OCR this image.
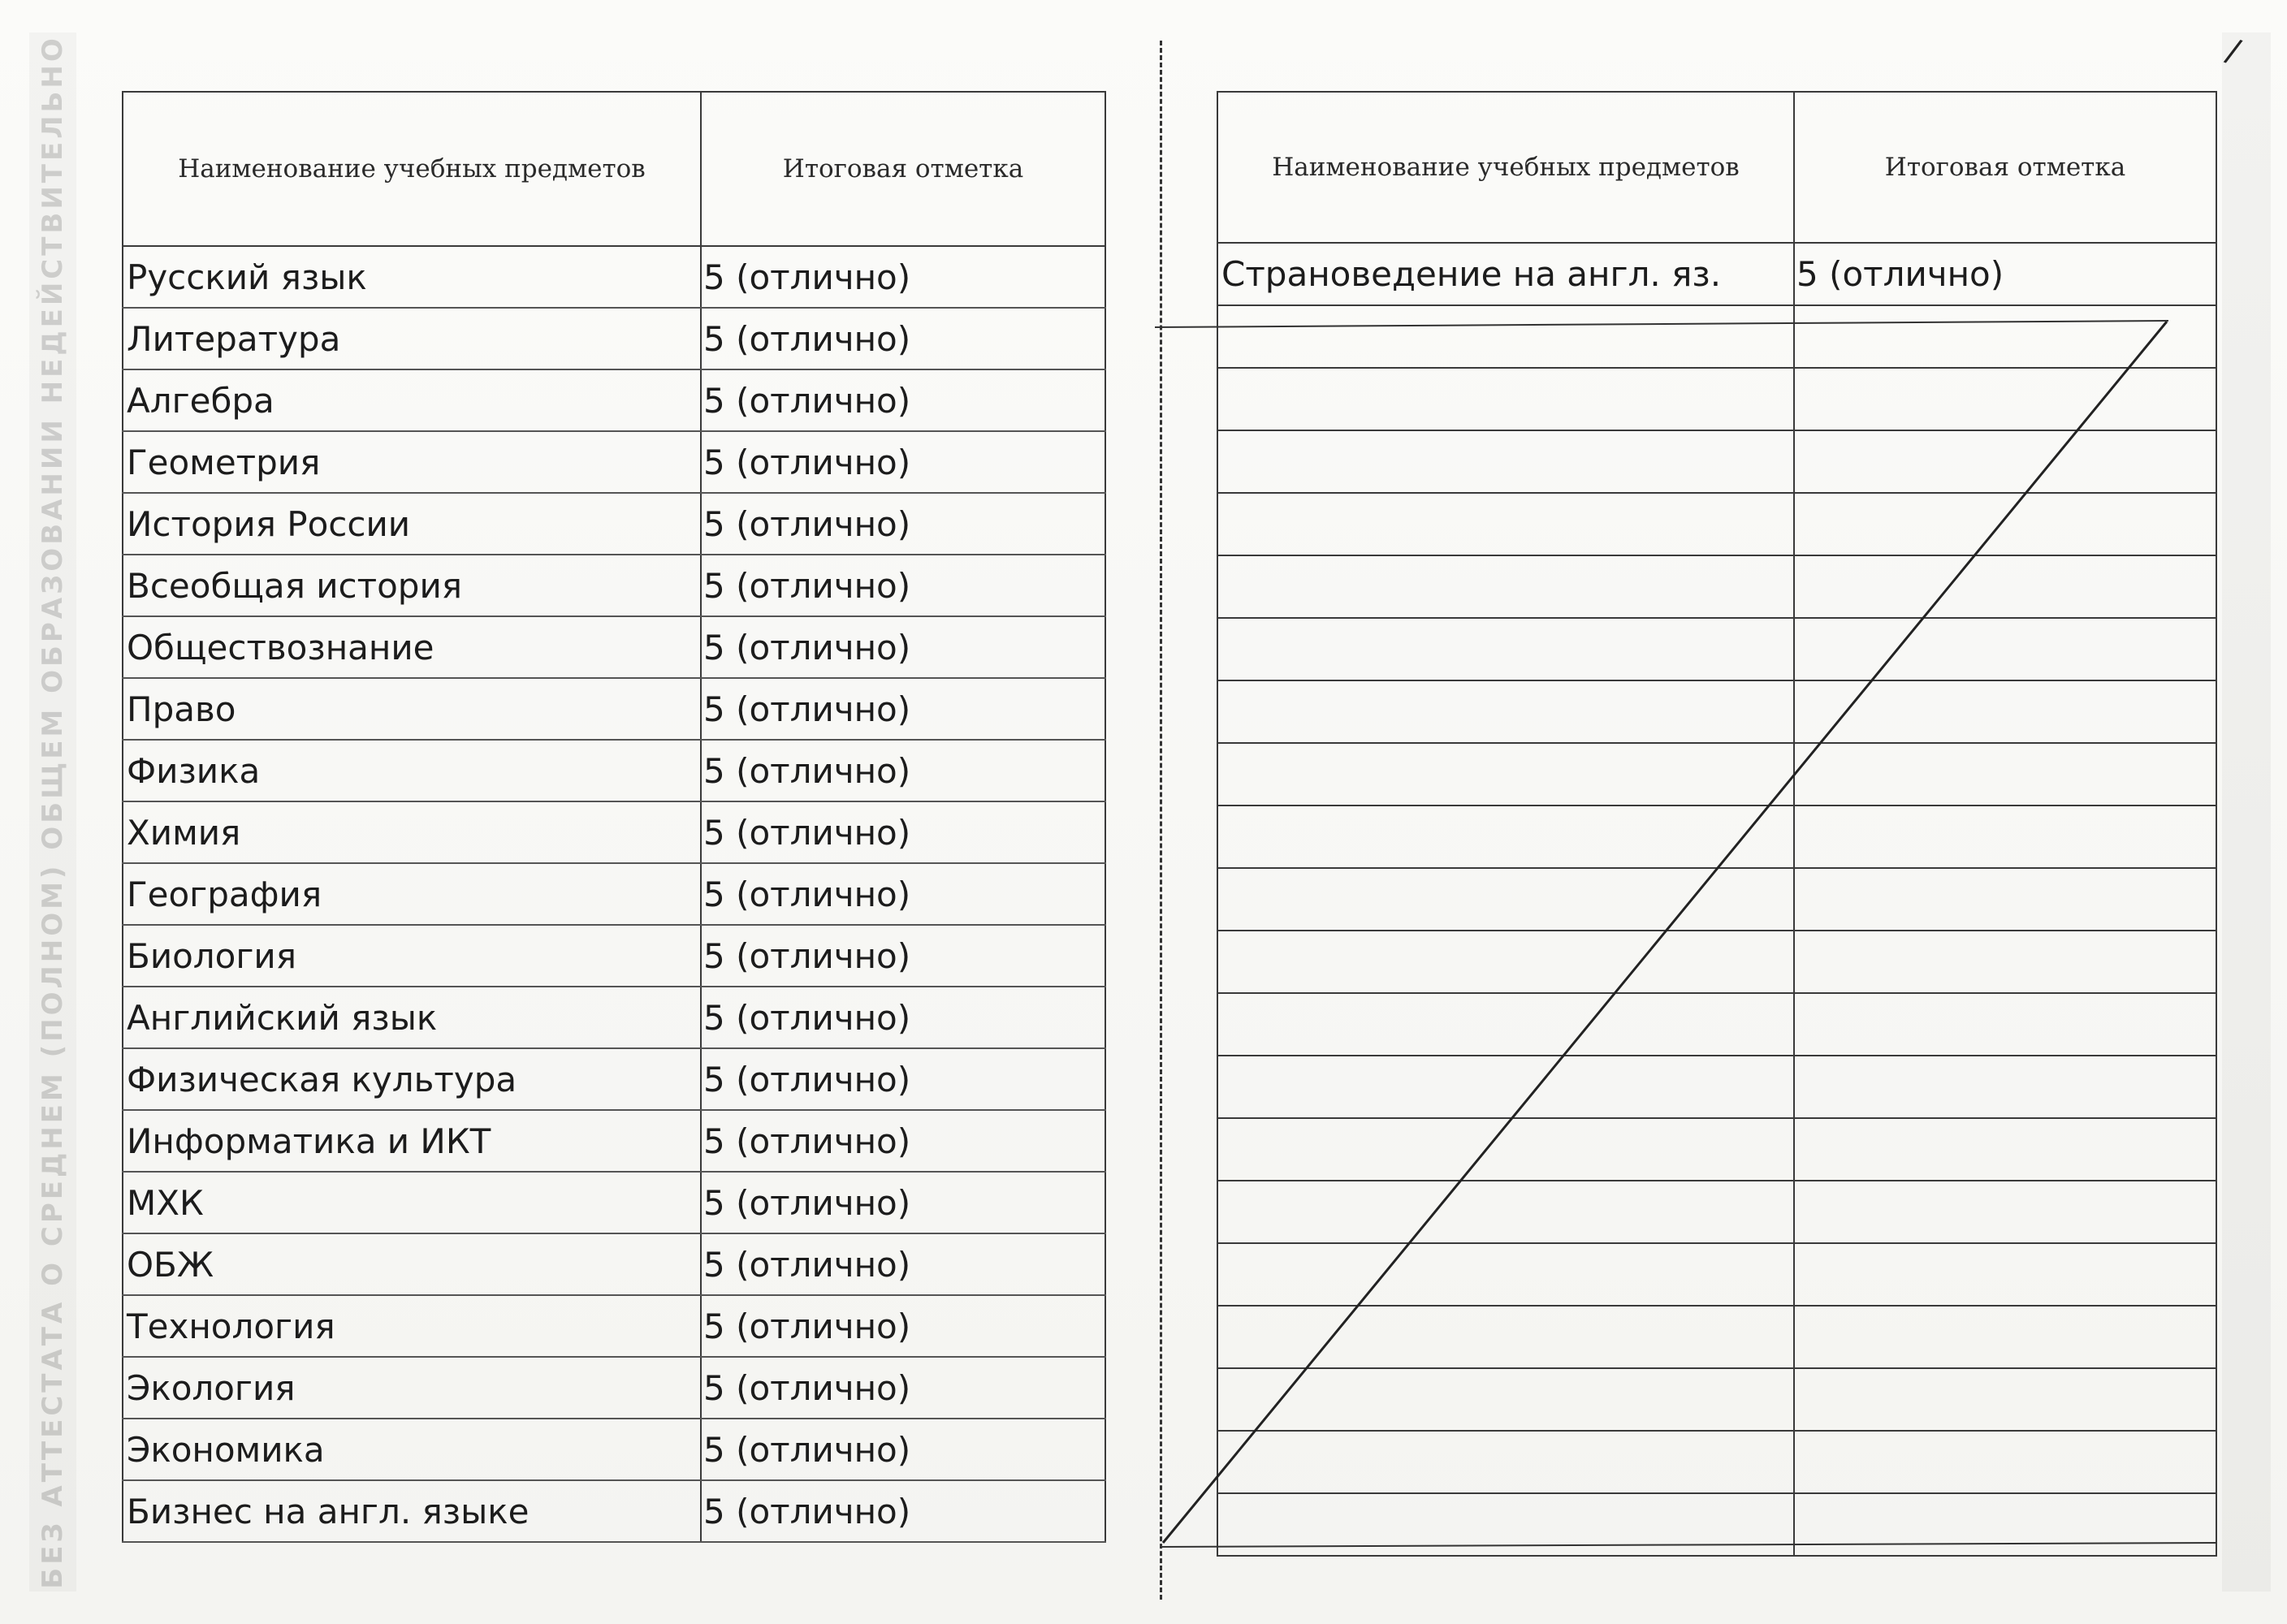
БЕЗ АТТЕСТАТА О СРЕДНЕМ (ПОЛНОМ) ОБЩЕМ ОБРАЗОВАНИИ НЕДЕЙСТВИТЕЛЬНО	Наименование учебных предметов	Итоговая отметка
Русский язык	5 (отлично)
Литература	5 (отлично)
Алгебра	5 (отлично)
Геометрия	5 (отлично)
История России	5 (отлично)
Всеобщая история	5 (отлично)
Обществознание	5 (отлично)
Право	5 (отлично)
Физика	5 (отлично)
Химия	5 (отлично)
География	5 (отлично)
Биология	5 (отлично)
Английский язык	5 (отлично)
Физическая культура	5 (отлично)
Информатика и ИКТ	5 (отлично)
МХК	5 (отлично)
ОБЖ	5 (отлично)
Технология	5 (отлично)
Экология	5 (отлично)
Экономика	5 (отлично)
Бизнес на англ. языке	5 (отлично)
Наименование учебных предметов	Итоговая отметка
Страноведение на англ. яз.	5 (отлично)

/
